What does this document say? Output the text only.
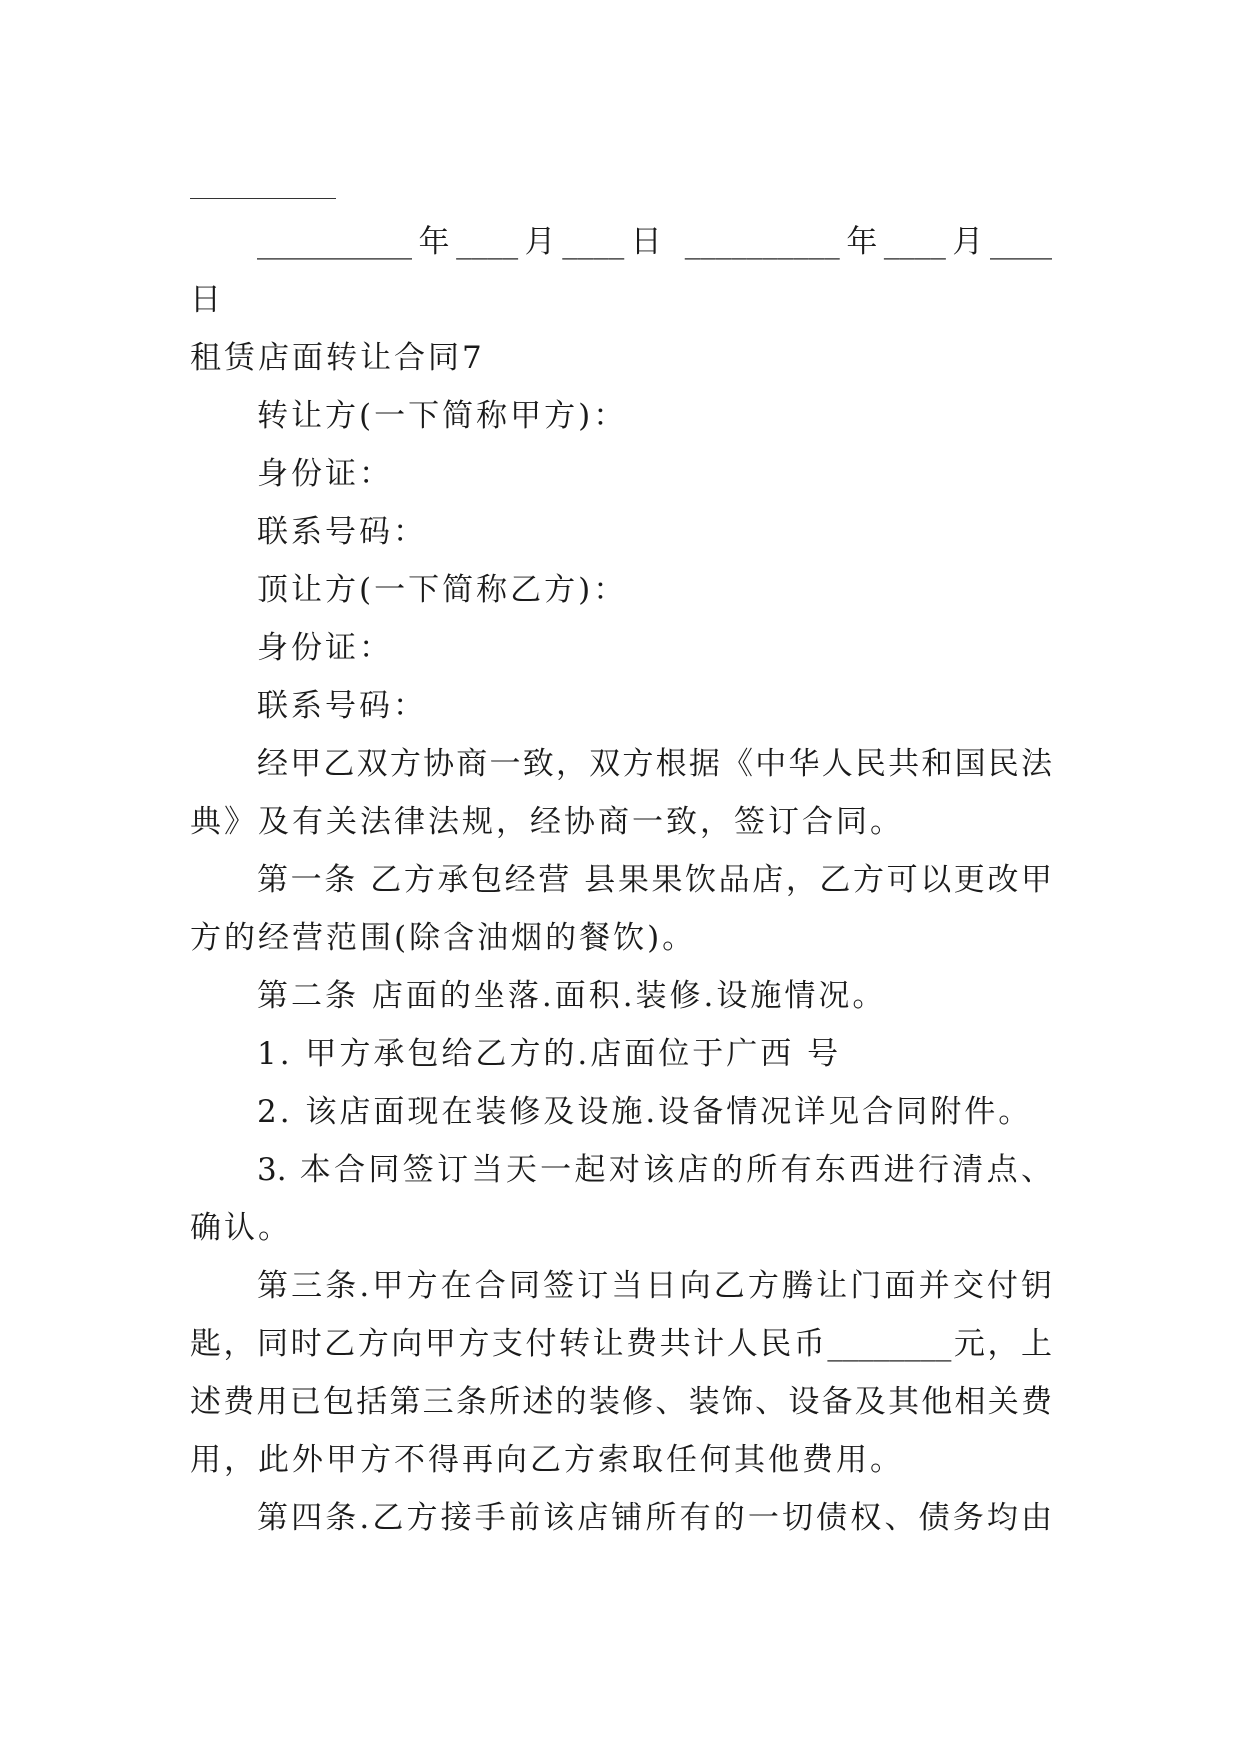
__________年____月____日 __________年____月____
日
租赁店面转让合同7
转让方(一下简称甲方)：
身份证：
联系号码：
顶让方(一下简称乙方)：
身份证：
联系号码：
经甲乙双方协商一致，双方根据《中华人民共和国民法
典》及有关法律法规，经协商一致，签订合同。
第一条 乙方承包经营 县果果饮品店，乙方可以更改甲
方的经营范围(除含油烟的餐饮)。
第二条 店面的坐落.面积.装修.设施情况。
1. 甲方承包给乙方的.店面位于广西 号
2. 该店面现在装修及设施.设备情况详见合同附件。
3. 本合同签订当天一起对该店的所有东西进行清点、
确认。
第三条.甲方在合同签订当日向乙方腾让门面并交付钥
匙，同时乙方向甲方支付转让费共计人民币________元，上
述费用已包括第三条所述的装修、装饰、设备及其他相关费
用，此外甲方不得再向乙方索取任何其他费用。
第四条.乙方接手前该店铺所有的一切债权、债务均由
